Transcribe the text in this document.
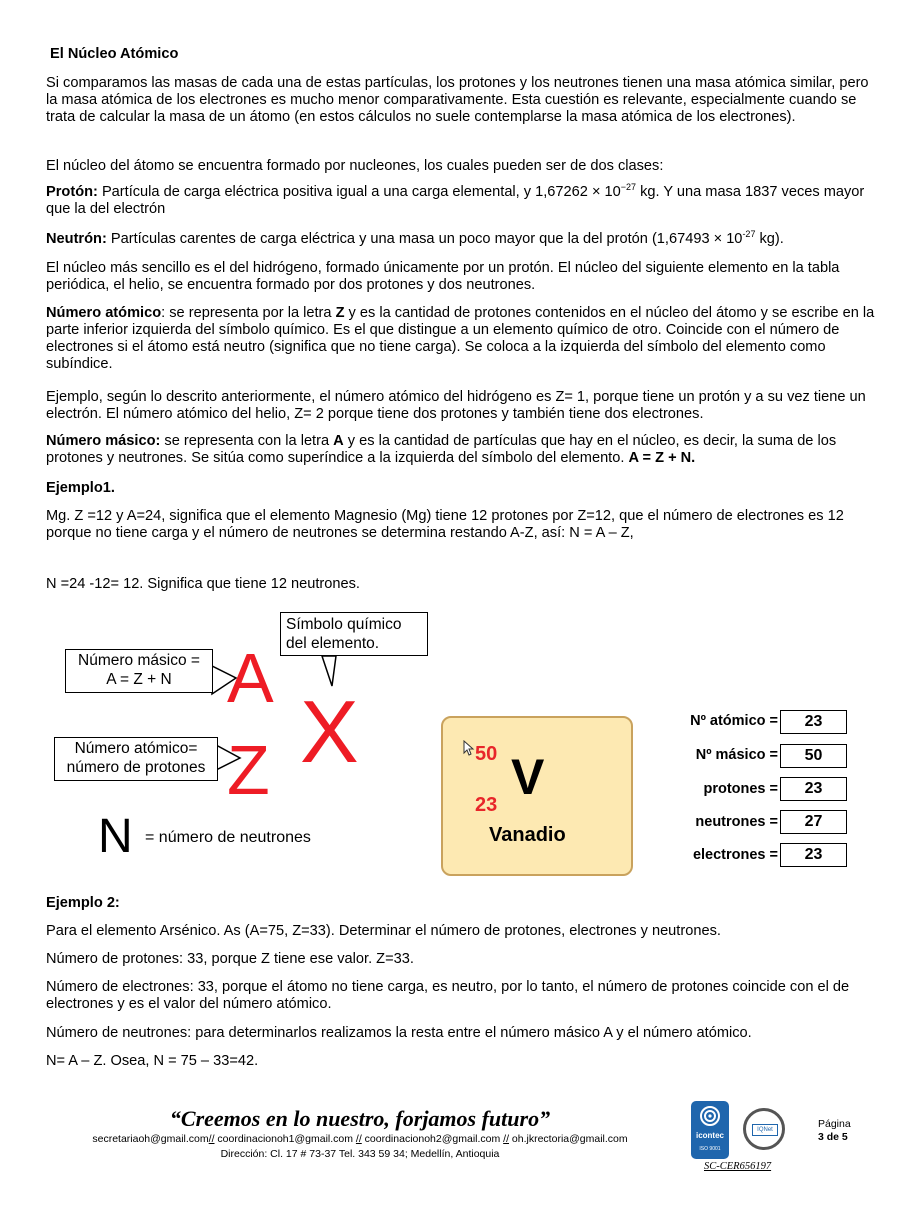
El Núcleo Atómico

Si comparamos las masas de cada una de estas partículas, los protones y los neutrones tienen una masa atómica similar, pero la masa atómica de los electrones es mucho menor comparativamente. Esta cuestión es relevante, especialmente cuando se trata de calcular la masa de un átomo (en estos cálculos no suele contemplarse la masa atómica de los electrones).

El núcleo del átomo se encuentra formado por nucleones, los cuales pueden ser de dos clases:

Protón: Partícula de carga eléctrica positiva igual a una carga elemental, y $1,67262 \times 10^{-27}$ kg. Y una masa 1837 veces mayor que la del electrón

Neutrón: Partículas carentes de carga eléctrica y una masa un poco mayor que la del protón ($1,67493 \times 10^{-27}$ kg).

El núcleo más sencillo es el del hidrógeno, formado únicamente por un protón. El núcleo del siguiente elemento en la tabla periódica, el helio, se encuentra formado por dos protones y dos neutrones.

Número atómico: se representa por la letra Z y es la cantidad de protones contenidos en el núcleo del átomo y se escribe en la parte inferior izquierda del símbolo químico. Es el que distingue a un elemento químico de otro. Coincide con el número de electrones si el átomo está neutro (significa que no tiene carga). Se coloca a la izquierda del símbolo del elemento como subíndice.

Ejemplo, según lo descrito anteriormente, el número atómico del hidrógeno es Z= 1, porque tiene un protón y a su vez tiene un electrón. El número atómico del helio, Z= 2 porque tiene dos protones y también tiene dos electrones.

Número másico: se representa con la letra A y es la cantidad de partículas que hay en el núcleo, es decir, la suma de los protones y neutrones. Se sitúa como superíndice a la izquierda del símbolo del elemento. A = Z + N.

Ejemplo1.

Mg. Z =12 y A=24, significa que el elemento Magnesio (Mg) tiene 12 protones por Z=12, que el número de electrones es 12 porque no tiene carga y el número de neutrones se determina restando A-Z, así: N = A – Z,

N =24 -12= 12. Significa que tiene 12 neutrones.

Símbolo químico del elemento.
Número másico =
A = Z + N
Número atómico=
número de protones
A
X
Z
N = número de neutrones
50
23 V
Vanadio
Nº atómico =	23
Nº másico =	50
protones =	23
neutrones =	27
electrones =	23
Ejemplo 2:

Para el elemento Arsénico. As (A=75, Z=33). Determinar el número de protones, electrones y neutrones.

Número de protones: 33, porque Z tiene ese valor. Z=33.

Número de electrones: 33, porque el átomo no tiene carga, es neutro, por lo tanto, el número de protones coincide con el de electrones y es el valor del número atómico.

Número de neutrones: para determinarlos realizamos la resta entre el número másico A y el número atómico.

N= A – Z. Osea, N = 75 – 33=42.

“Creemos en lo nuestro, forjamos futuro”
secretariaoh@gmail.com// coordinacionoh1@gmail.com // coordinacionoh2@gmail.com // oh.jkrectoria@gmail.com
Dirección: Cl. 17 # 73-37 Tel. 343 59 34; Medellín, Antioquia
icontec
ISO 9001
IQNet
SC-CER656197
Página
3 de 5
